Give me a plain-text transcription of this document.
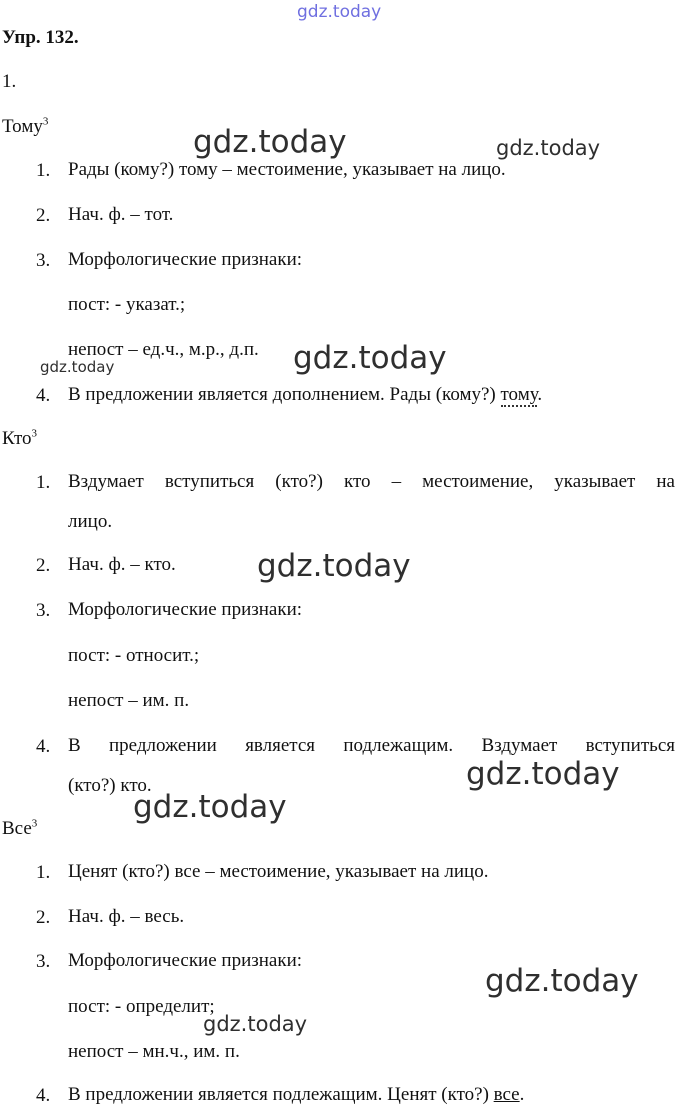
gdz.today
gdz.today	gdz.today
gdz.today
gdz.today
gdz.today
gdz.today
gdz.today
gdz.today
gdz.today
Упр. 132.
1.
Тому$^3$
1. Рады (кому?) тому – местоимение, указывает на лицо.
2. Нач. ф. – тот.
3. Морфологические признаки:
пост: - указат.;
непост – ед.ч., м.р., д.п.
4. В предложении является дополнением. Рады (кому?) тому.
Кто$^3$
1. Вздумает вступиться (кто?) кто – местоимение, указывает на
лицо.
2. Нач. ф. – кто.
3. Морфологические признаки:
пост: - относит.;
непост – им. п.
4. В предложении является подлежащим. Вздумает вступиться
(кто?) кто.
Все$^3$
1. Ценят (кто?) все – местоимение, указывает на лицо.
2. Нач. ф. – весь.
3. Морфологические признаки:
пост: - определит;
непост – мн.ч., им. п.
4. В предложении является подлежащим. Ценят (кто?) все.
